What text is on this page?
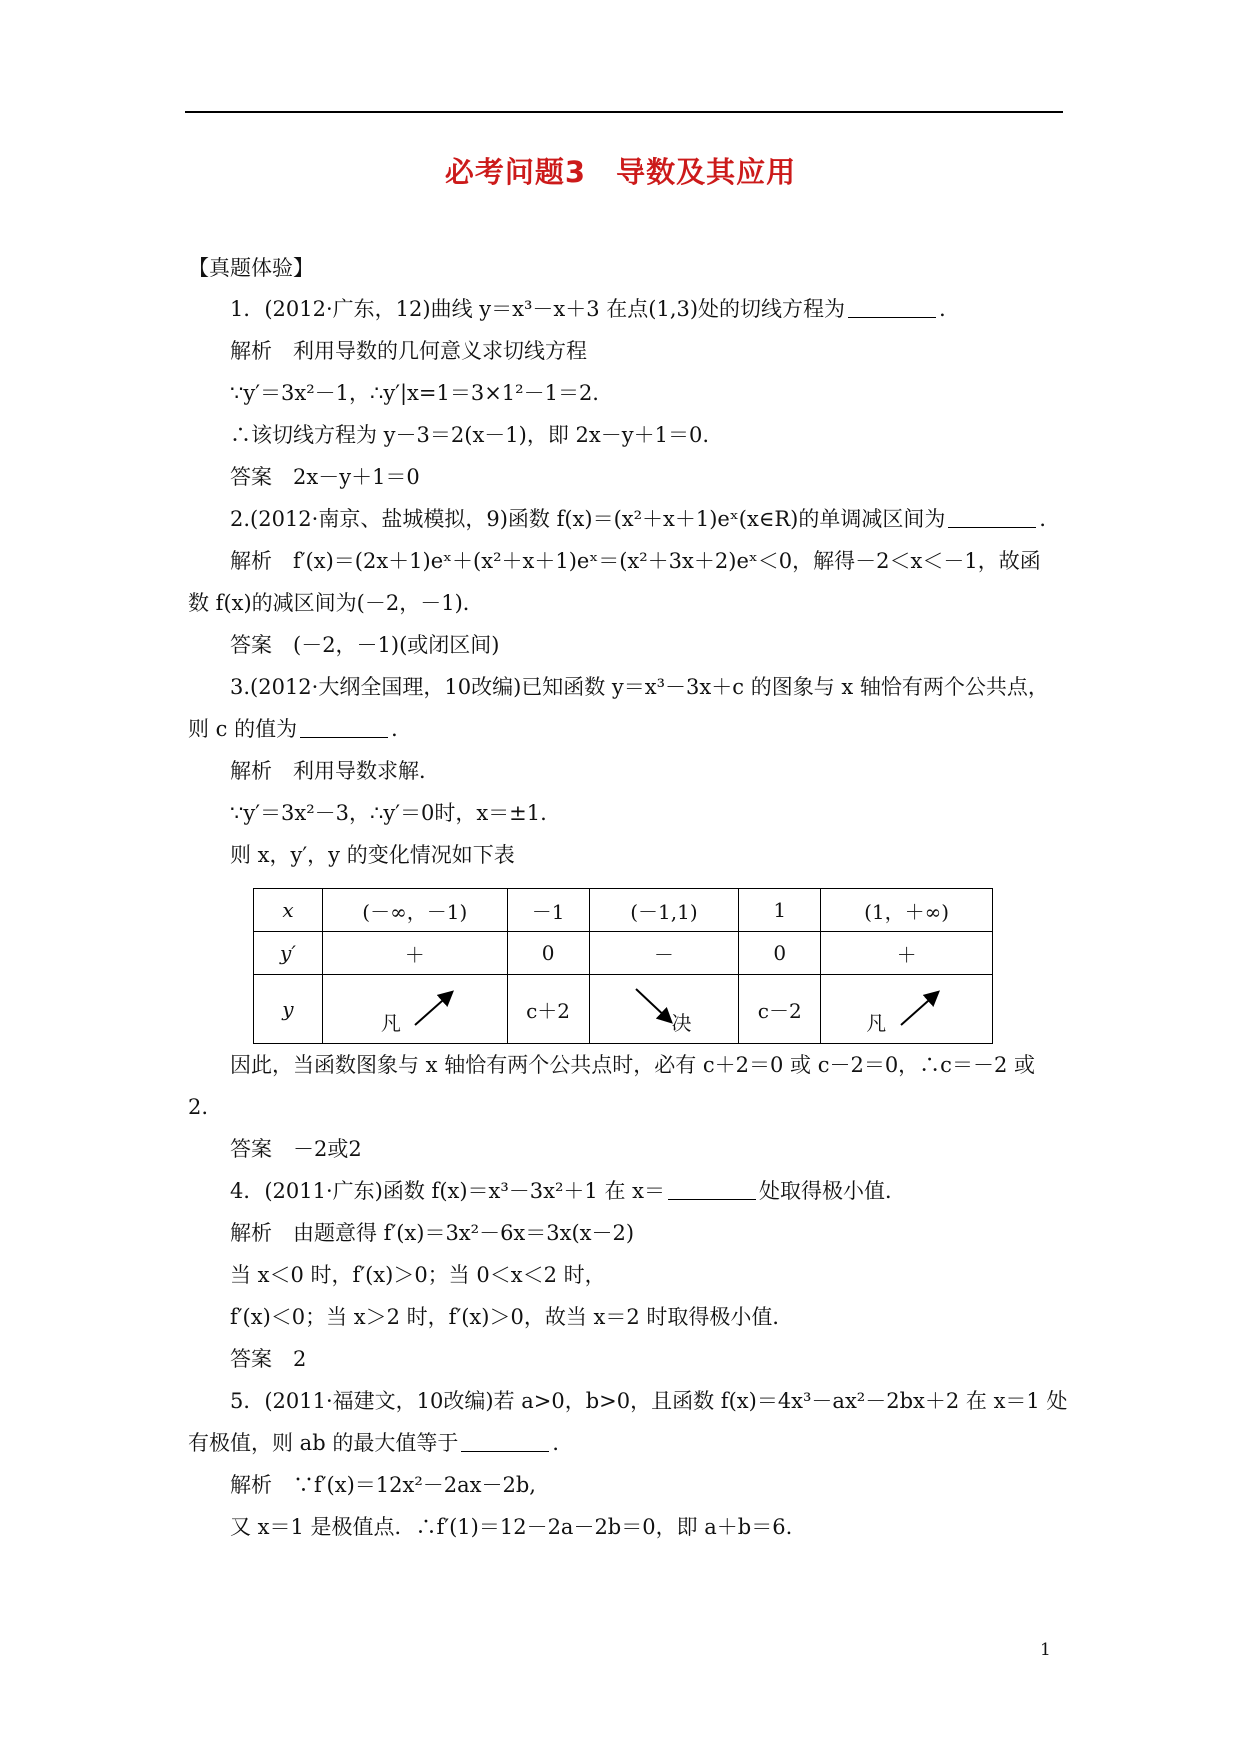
必考问题3　导数及其应用
【真题体验】
1．(2012·广东，12)曲线 y＝x³－x＋3 在点(1,3)处的切线方程为	．
解析　利用导数的几何意义求切线方程
∵y′＝3x²－1，∴y′|x=1＝3×1²－1＝2.
∴该切线方程为 y－3＝2(x－1)，即 2x－y＋1＝0.
答案　2x－y＋1＝0
2.(2012·南京、盐城模拟，9)函数 f(x)＝(x²＋x＋1)eˣ(x∈R)的单调减区间为	．
解析　f′(x)＝(2x＋1)eˣ＋(x²＋x＋1)eˣ＝(x²＋3x＋2)eˣ＜0，解得－2＜x＜－1，故函
数 f(x)的减区间为(－2，－1)．
答案　(－2，－1)(或闭区间)
3.(2012·大纲全国理，10改编)已知函数 y＝x³－3x＋c 的图象与 x 轴恰有两个公共点，
则 c 的值为	．
解析　利用导数求解．
∵y′＝3x²－3，∴y′＝0时，x＝±1.
则 x，y′，y 的变化情况如下表
x	(－∞，－1)	－1	(－1,1)	1	(1，＋∞)
y′	＋	0	－	0	＋
y	凡	c＋2	决	c－2	凡
因此，当函数图象与 x 轴恰有两个公共点时，必有 c＋2＝0 或 c－2＝0，∴c＝－2 或
2.
答案　－2或2
4．(2011·广东)函数 f(x)＝x³－3x²＋1 在 x＝	处取得极小值．
解析　由题意得 f′(x)＝3x²－6x＝3x(x－2)
当 x＜0 时，f′(x)＞0；当 0＜x＜2 时，
f′(x)＜0；当 x＞2 时，f′(x)＞0，故当 x＝2 时取得极小值．
答案　2
5．(2011·福建文，10改编)若 a>0，b>0，且函数 f(x)＝4x³－ax²－2bx＋2 在 x＝1 处
有极值，则 ab 的最大值等于	．
解析　∵f′(x)＝12x²－2ax－2b,
又 x＝1 是极值点．∴f′(1)＝12－2a－2b＝0，即 a＋b＝6.
1
